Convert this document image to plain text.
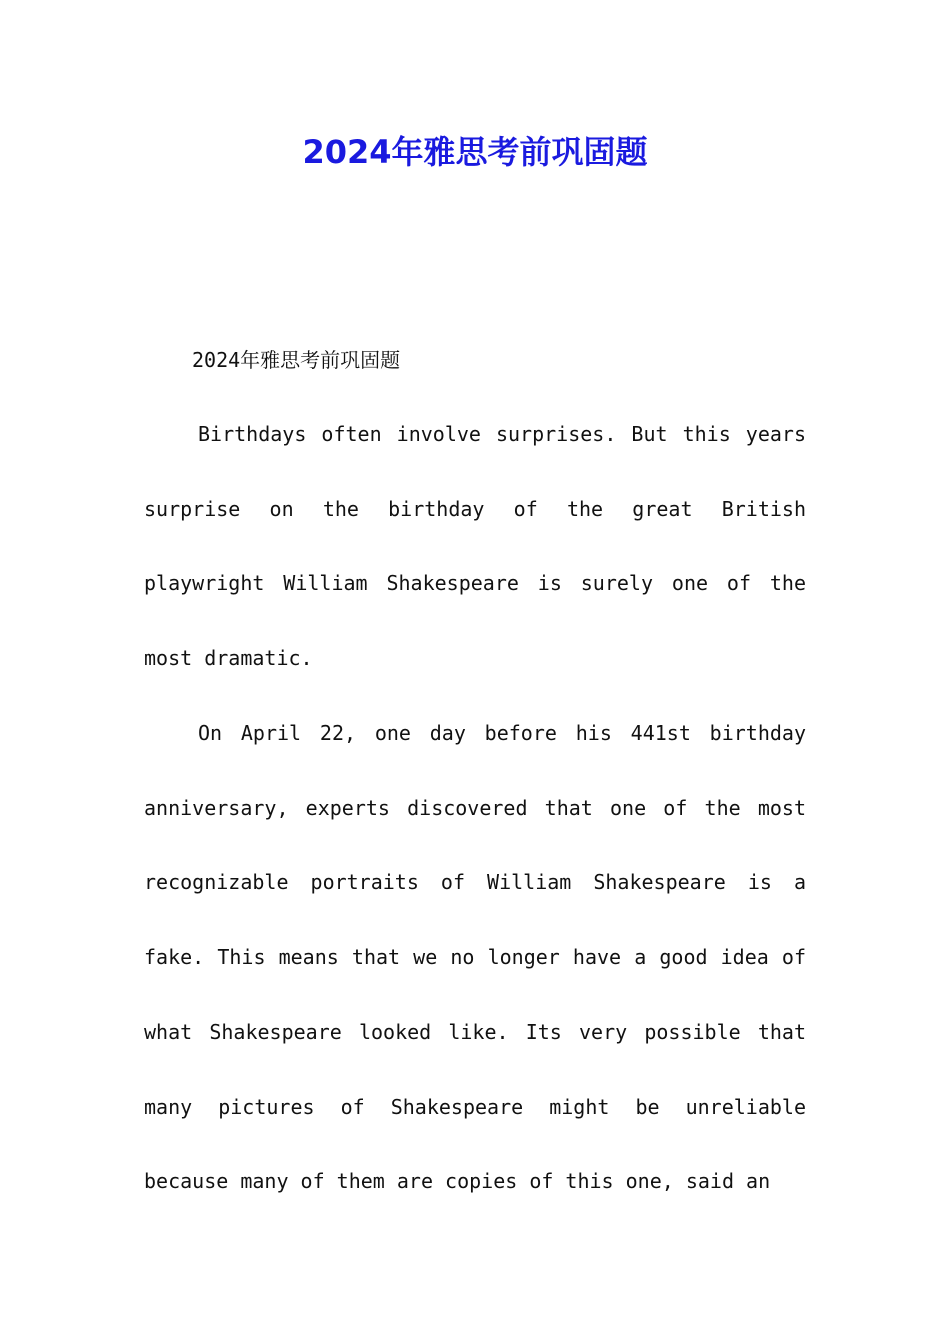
2024年雅思考前巩固题

2024年雅思考前巩固题

Birthdays often involve surprises. But this years surprise on the birthday of the great British playwright William Shakespeare is surely one of the most dramatic.

On April 22, one day before his 441st birthday anniversary, experts discovered that one of the most recognizable portraits of William Shakespeare is a fake. This means that we no longer have a good idea of what Shakespeare looked like. Its very possible that many pictures of Shakespeare might be unreliable because many of them are copies of this one, said an
